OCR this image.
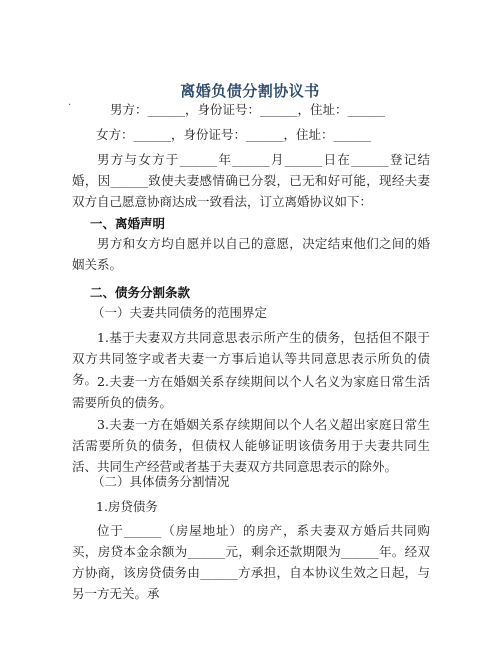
离婚负债分割协议书
·	男方：______，身份证号：______，住址：______
女方：______，身份证号：______，住址：______
男方与女方于______年______月______日在______登记结婚，因______致使夫妻感情确已分裂，已无和好可能，现经夫妻双方自己愿意协商达成一致看法，订立离婚协议如下：
一、离婚声明
男方和女方均自愿并以自己的意愿，决定结束他们之间的婚姻关系。
二、债务分割条款
（一）夫妻共同债务的范围界定
1.基于夫妻双方共同意思表示所产生的债务，包括但不限于双方共同签字或者夫妻一方事后追认等共同意思表示所负的债务。 2.夫妻一方在婚姻关系存续期间以个人名义为家庭日常生活需要所负的债务。
3.夫妻一方在婚姻关系存续期间以个人名义超出家庭日常生活需要所负的债务，但债权人能够证明该债务用于夫妻共同生活、共同生产经营或者基于夫妻双方共同意思表示的除外。
（二）具体债务分割情况
1.房贷债务
位于______（房屋地址）的房产，系夫妻双方婚后共同购买，房贷本金余额为______元，剩余还款期限为______年。经双方协商，该房贷债务由______方承担，自本协议生效之日起，与另一方无关。承
